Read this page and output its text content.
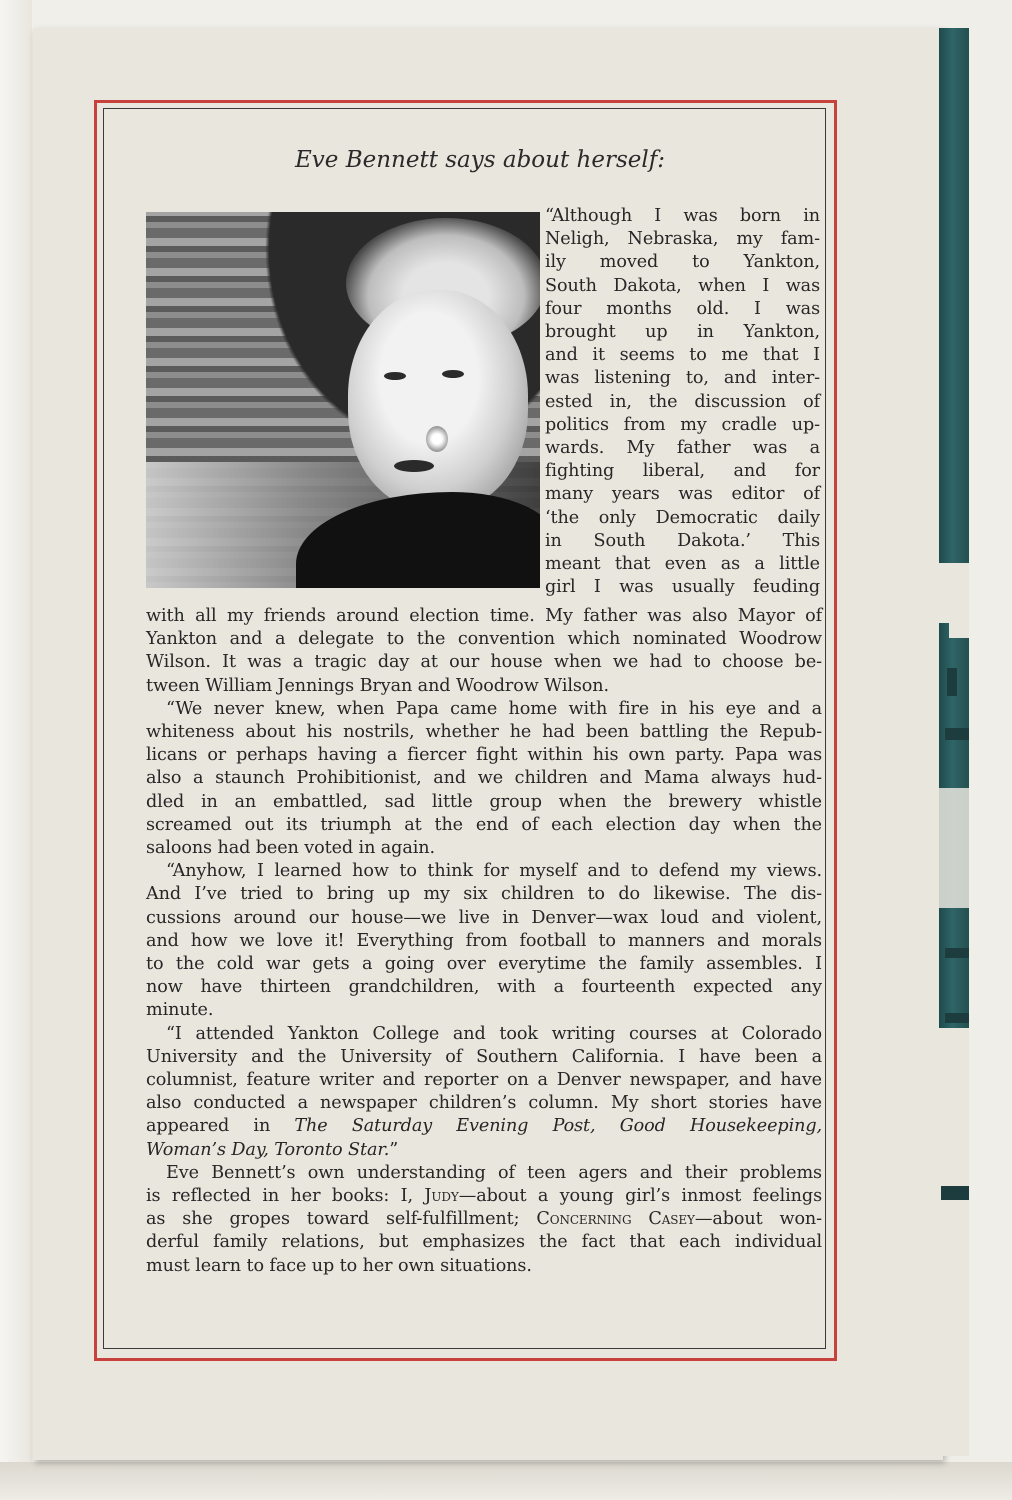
Eve Bennett says about herself:
“Although I was born in
Neligh, Nebraska, my fam-
ily moved to Yankton,
South Dakota, when I was
four months old. I was
brought up in Yankton,
and it seems to me that I
was listening to, and inter-
ested in, the discussion of
politics from my cradle up-
wards. My father was a
fighting liberal, and for
many years was editor of
‘the only Democratic daily
in South Dakota.’ This
meant that even as a little
girl I was usually feuding
with all my friends around election time. My father was also Mayor of
Yankton and a delegate to the convention which nominated Woodrow
Wilson. It was a tragic day at our house when we had to choose be-
tween William Jennings Bryan and Woodrow Wilson.
“We never knew, when Papa came home with fire in his eye and a
whiteness about his nostrils, whether he had been battling the Repub-
licans or perhaps having a fiercer fight within his own party. Papa was
also a staunch Prohibitionist, and we children and Mama always hud-
dled in an embattled, sad little group when the brewery whistle
screamed out its triumph at the end of each election day when the
saloons had been voted in again.
“Anyhow, I learned how to think for myself and to defend my views.
And I’ve tried to bring up my six children to do likewise. The dis-
cussions around our house—we live in Denver—wax loud and violent,
and how we love it! Everything from football to manners and morals
to the cold war gets a going over everytime the family assembles. I
now have thirteen grandchildren, with a fourteenth expected any
minute.
“I attended Yankton College and took writing courses at Colorado
University and the University of Southern California. I have been a
columnist, feature writer and reporter on a Denver newspaper, and have
also conducted a newspaper children’s column. My short stories have
appeared in The Saturday Evening Post, Good Housekeeping,
Woman’s Day, Toronto Star.”
Eve Bennett’s own understanding of teen agers and their problems
is reflected in her books: I, Judy—about a young girl’s inmost feelings
as she gropes toward self-fulfillment; Concerning Casey—about won-
derful family relations, but emphasizes the fact that each individual
must learn to face up to her own situations.
